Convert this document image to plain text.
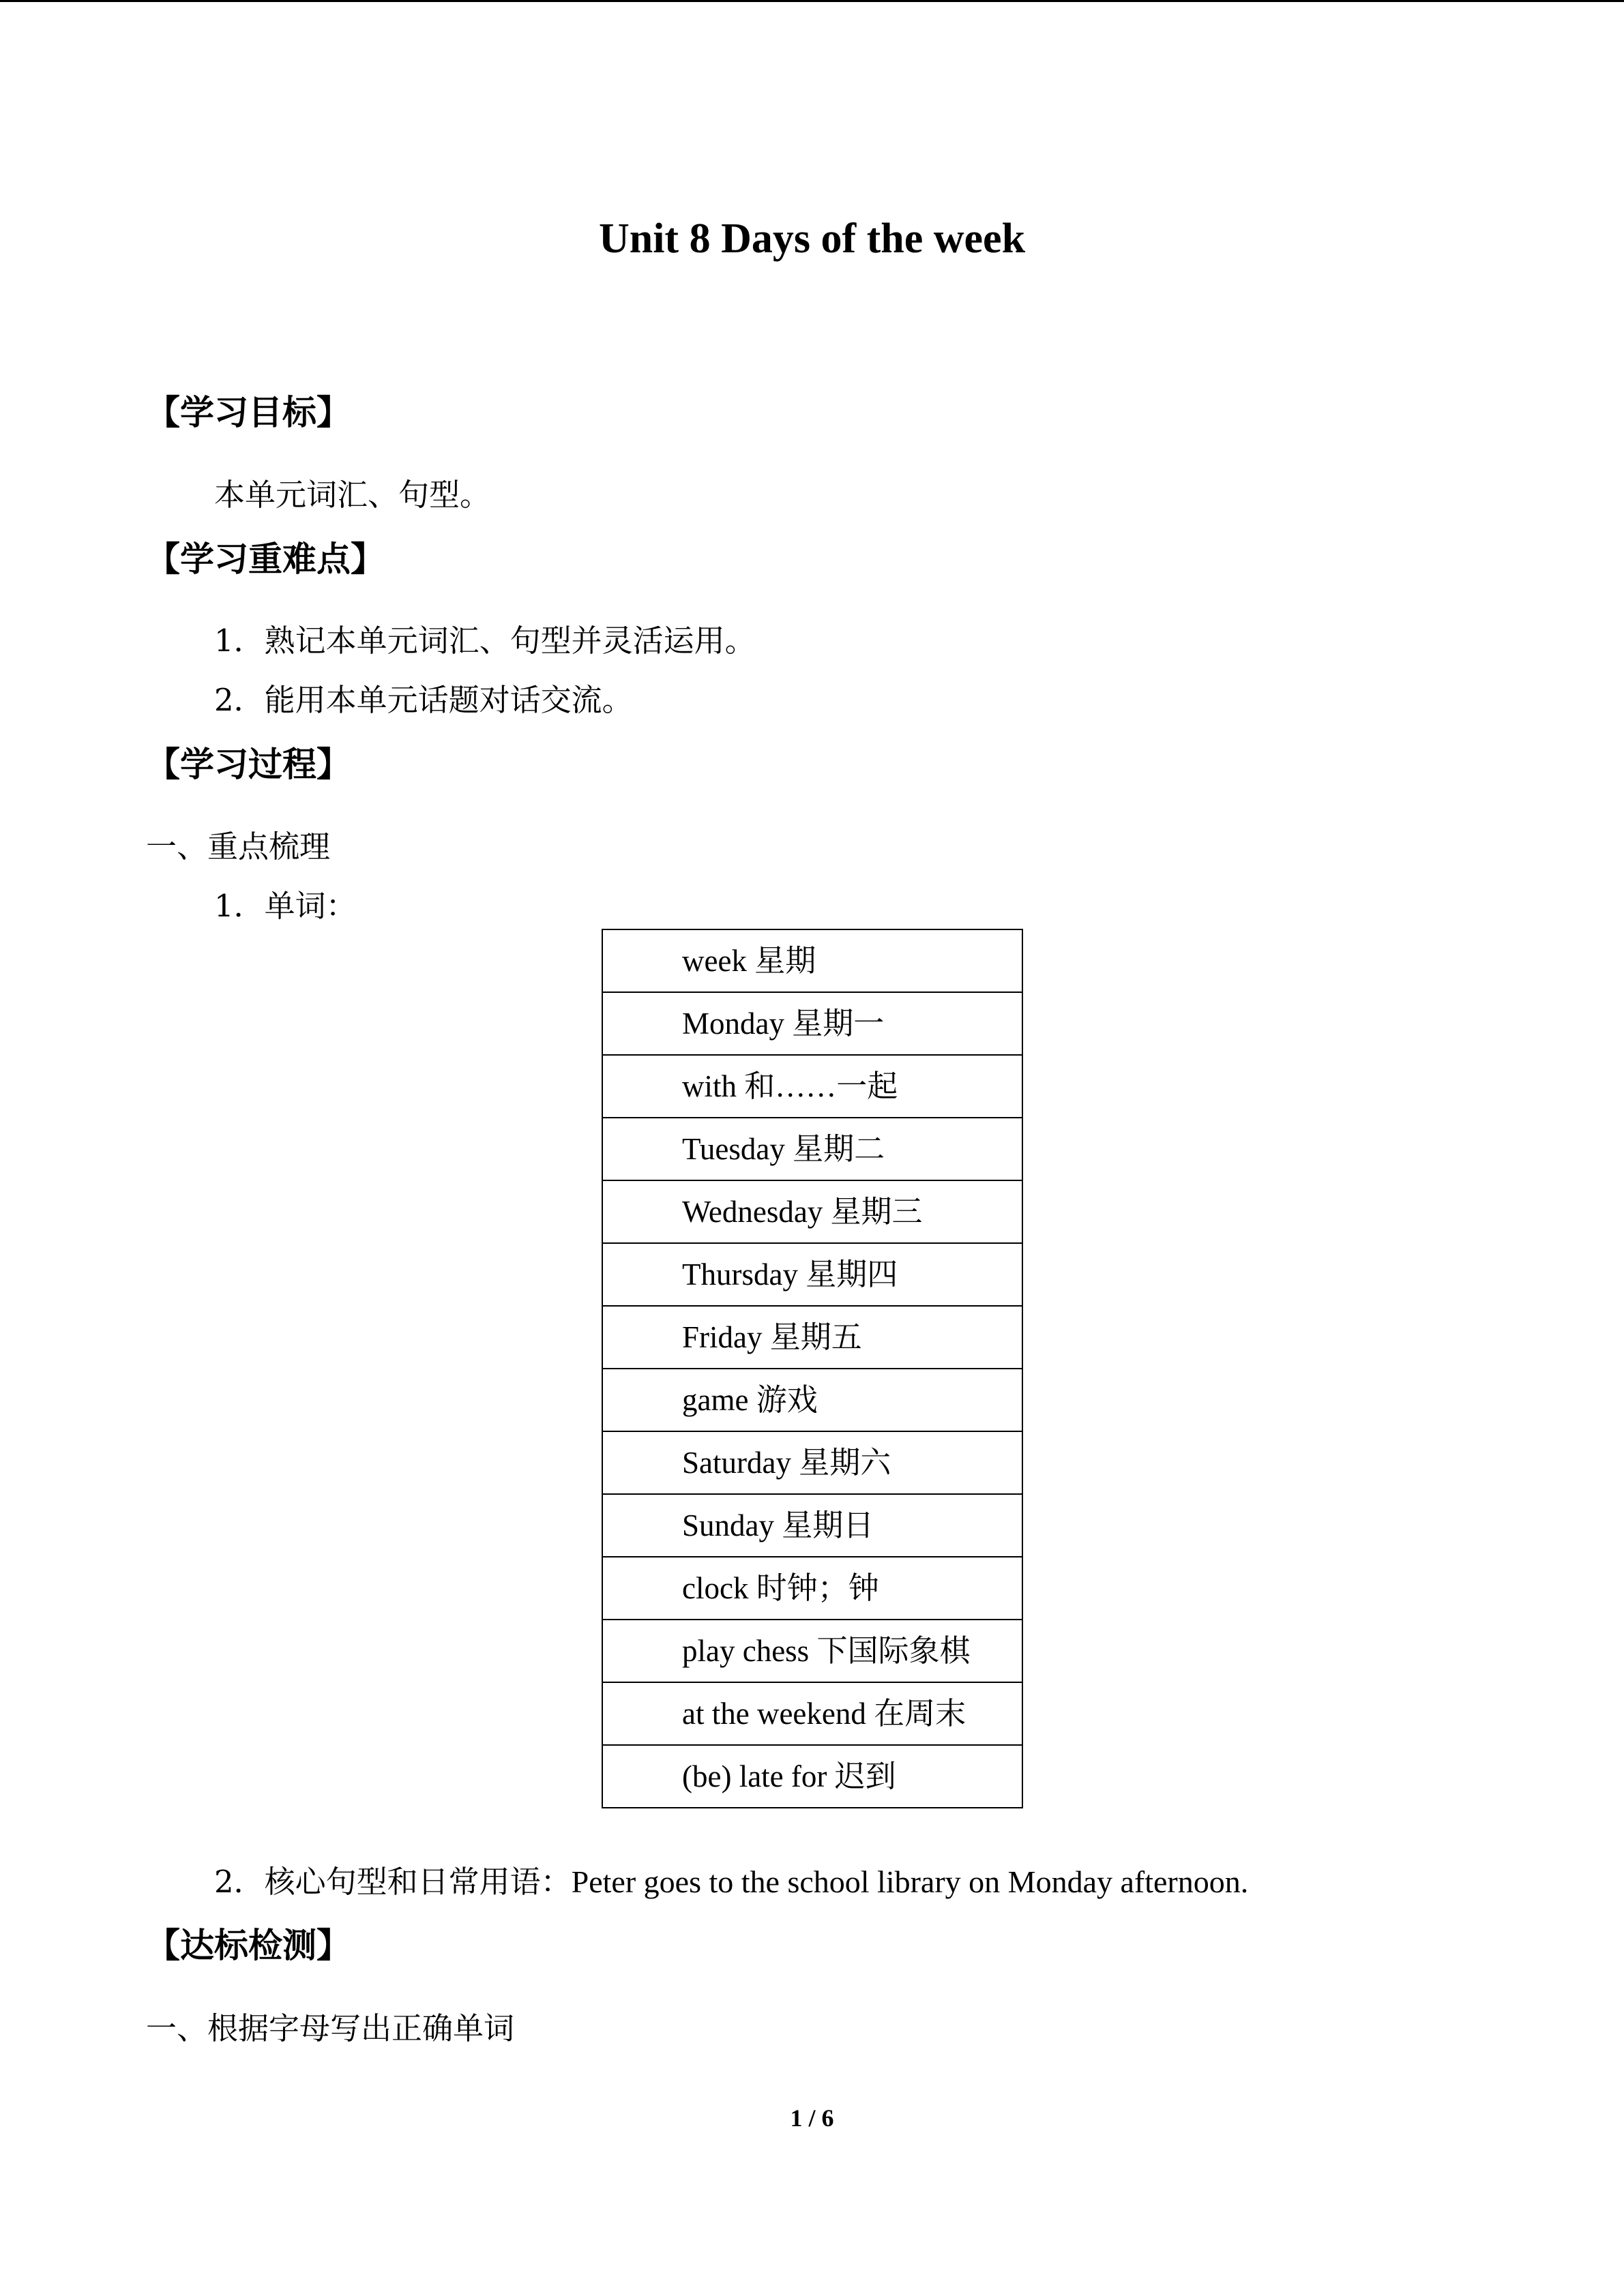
Unit 8 Days of the week
【学习目标】
本单元词汇、句型。
【学习重难点】
1．熟记本单元词汇、句型并灵活运用。
2．能用本单元话题对话交流。
【学习过程】
一、重点梳理
1．单词：
week 星期
Monday 星期一
with 和……一起
Tuesday 星期二
Wednesday 星期三
Thursday 星期四
Friday 星期五
game 游戏
Saturday 星期六
Sunday 星期日
clock 时钟；钟
play chess 下国际象棋
at the weekend 在周末
(be) late for 迟到
2．核心句型和日常用语：Peter goes to the school library on Monday afternoon.
【达标检测】
一、根据字母写出正确单词
1 / 6
